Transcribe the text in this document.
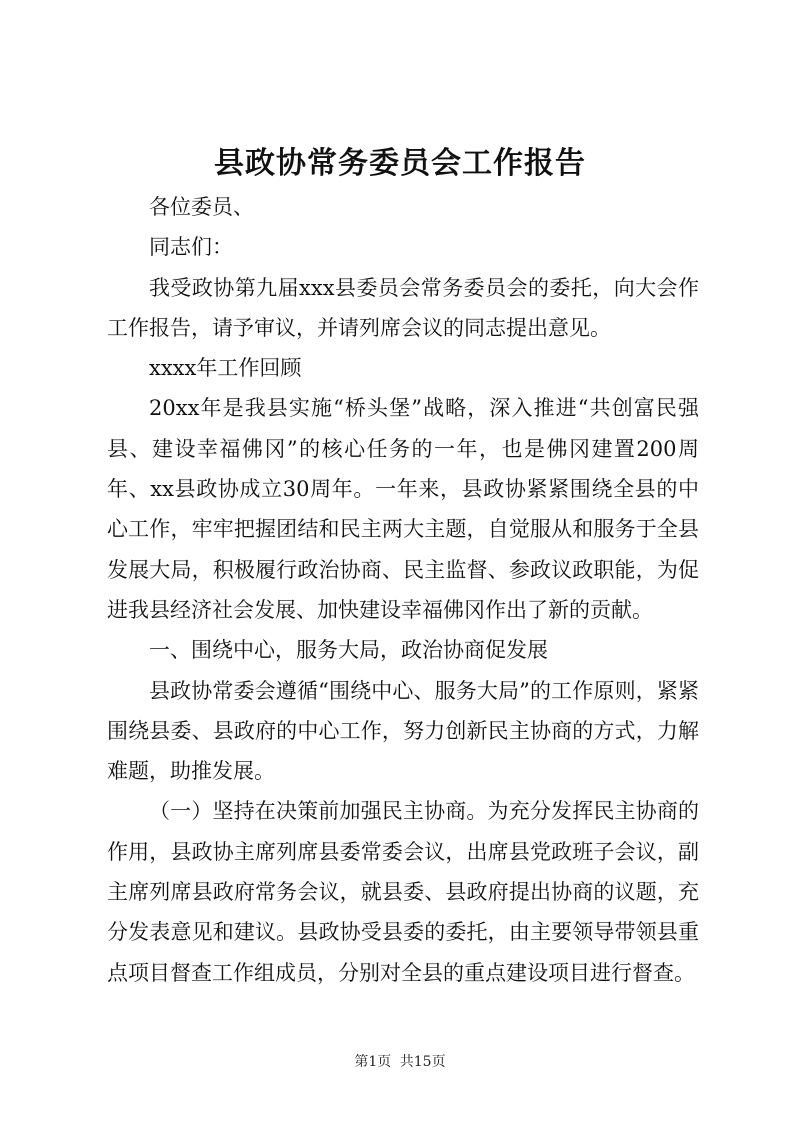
县政协常务委员会工作报告

各位委员、

同志们：

我受政协第九届xxx县委员会常务委员会的委托，向大会作工作报告，请予审议，并请列席会议的同志提出意见。

xxxx年工作回顾

20xx年是我县实施“桥头堡”战略，深入推进“共创富民强县、建设幸福佛冈”的核心任务的一年，也是佛冈建置200周年、xx县政协成立30周年。一年来，县政协紧紧围绕全县的中心工作，牢牢把握团结和民主两大主题，自觉服从和服务于全县发展大局，积极履行政治协商、民主监督、参政议政职能，为促进我县经济社会发展、加快建设幸福佛冈作出了新的贡献。

一、围绕中心，服务大局，政治协商促发展

县政协常委会遵循“围绕中心、服务大局”的工作原则，紧紧围绕县委、县政府的中心工作，努力创新民主协商的方式，力解难题，助推发展。

（一）坚持在决策前加强民主协商。为充分发挥民主协商的作用，县政协主席列席县委常委会议，出席县党政班子会议，副主席列席县政府常务会议，就县委、县政府提出协商的议题，充分发表意见和建议。县政协受县委的委托，由主要领导带领县重点项目督查工作组成员，分别对全县的重点建设项目进行督查。

第1页 共15页
